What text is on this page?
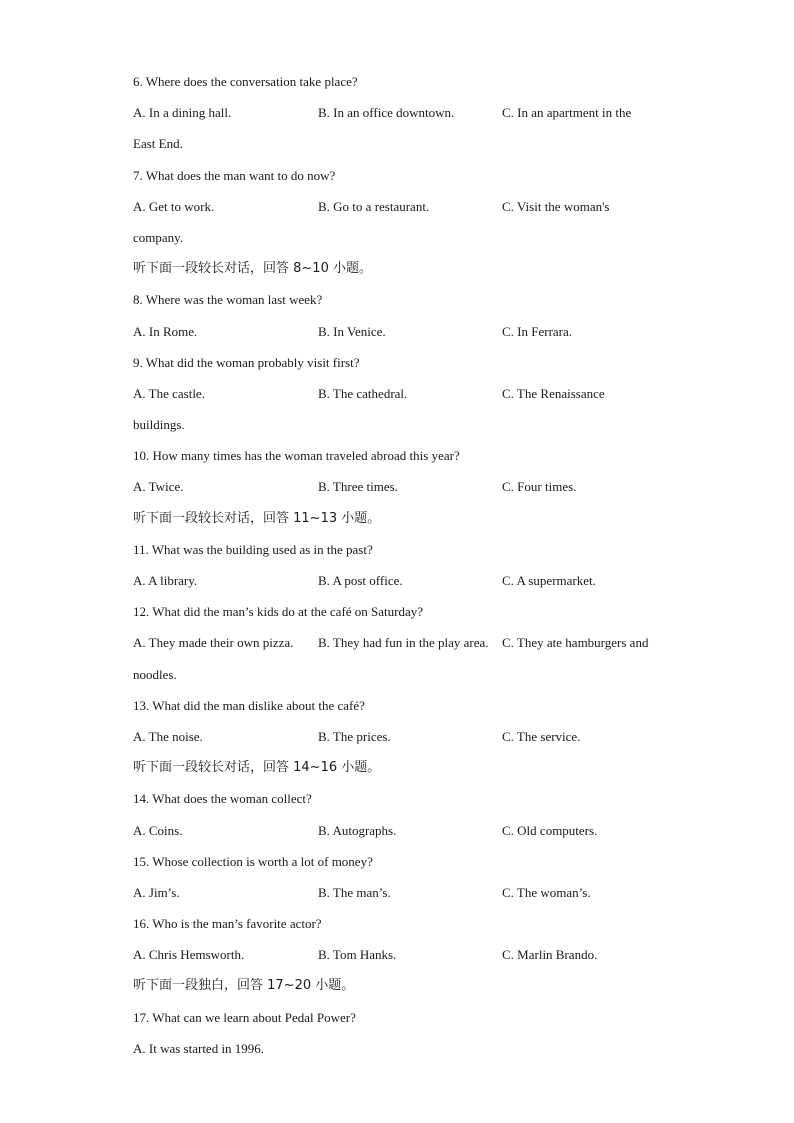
6. Where does the conversation take place?
A. In a dining hall.	B. In an office downtown.	C. In an apartment in the
East End.
7. What does the man want to do now?
A. Get to work.	B. Go to a restaurant.	C. Visit the woman's
company.
听下面一段较长对话，回答 8~10 小题。
8. Where was the woman last week?
A. In Rome.	B. In Venice.	C. In Ferrara.
9. What did the woman probably visit first?
A. The castle.	B. The cathedral.	C. The Renaissance
buildings.
10. How many times has the woman traveled abroad this year?
A. Twice.	B. Three times.	C. Four times.
听下面一段较长对话，回答 11~13 小题。
11. What was the building used as in the past?
A. A library.	B. A post office.	C. A supermarket.
12. What did the man’s kids do at the café on Saturday?
A. They made their own pizza.	B. They had fun in the play area.	C. They ate hamburgers and
noodles.
13. What did the man dislike about the café?
A. The noise.	B. The prices.	C. The service.
听下面一段较长对话，回答 14~16 小题。
14. What does the woman collect?
A. Coins.	B. Autographs.	C. Old computers.
15. Whose collection is worth a lot of money?
A. Jim’s.	B. The man’s.	C. The woman’s.
16. Who is the man’s favorite actor?
A. Chris Hemsworth.	B. Tom Hanks.	C. Marlin Brando.
听下面一段独白，回答 17~20 小题。
17. What can we learn about Pedal Power?
A. It was started in 1996.
